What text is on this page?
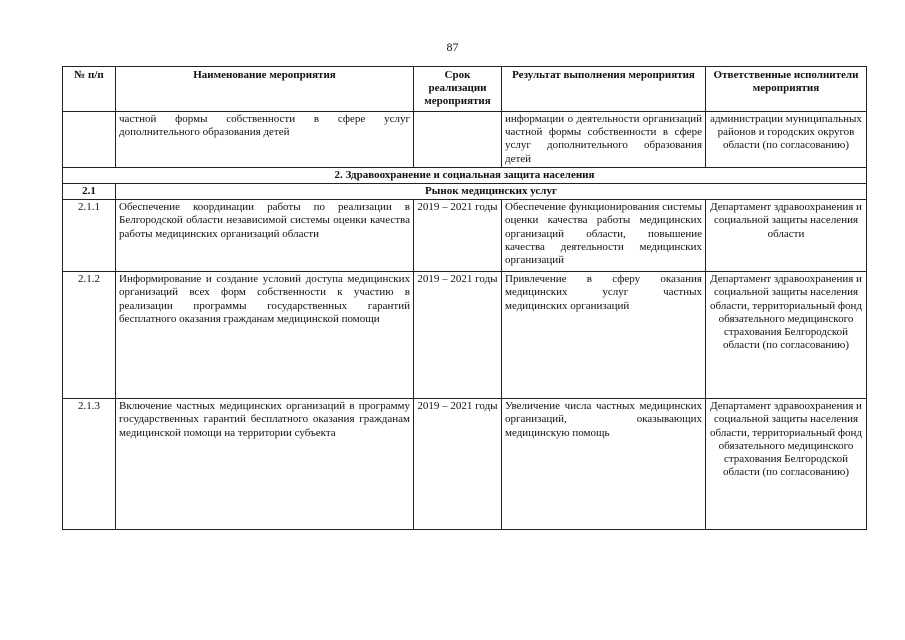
87
№ п/п	Наименование мероприятия	Срок реализации мероприятия	Результат выполнения мероприятия	Ответственные исполнители мероприятия
	частной формы собственности в сфере услуг дополнительного образования детей		информации о деятельности организаций частной формы собственности в сфере услуг дополнительного образования детей	администрации муниципальных районов и городских округов области (по согласованию)
2. Здравоохранение и социальная защита населения				
2.1	Рынок медицинских услуг			
2.1.1	Обеспечение координации работы по реализации в Белгородской области независимой системы оценки качества работы медицинских организаций области	2019 – 2021 годы	Обеспечение функционирования системы оценки качества работы медицинских организаций области, повышение качества деятельности медицинских организаций	Департамент здравоохранения и социальной защиты населения области
2.1.2	Информирование и создание условий доступа медицинских организаций всех форм собственности к участию в реализации программы государственных гарантий бесплатного оказания гражданам медицинской помощи	2019 – 2021 годы	Привлечение в сферу оказания медицинских услуг частных медицинских организаций	Департамент здравоохранения и социальной защиты населения области, территориальный фонд обязательного медицинского страхования Белгородской области (по согласованию)
2.1.3	Включение частных медицинских организаций в программу государственных гарантий бесплатного оказания гражданам медицинской помощи на территории субъекта	2019 – 2021 годы	Увеличение числа частных медицинских организаций, оказывающих медицинскую помощь	Департамент здравоохранения и социальной защиты населения области, территориальный фонд обязательного медицинского страхования Белгородской области (по согласованию)
